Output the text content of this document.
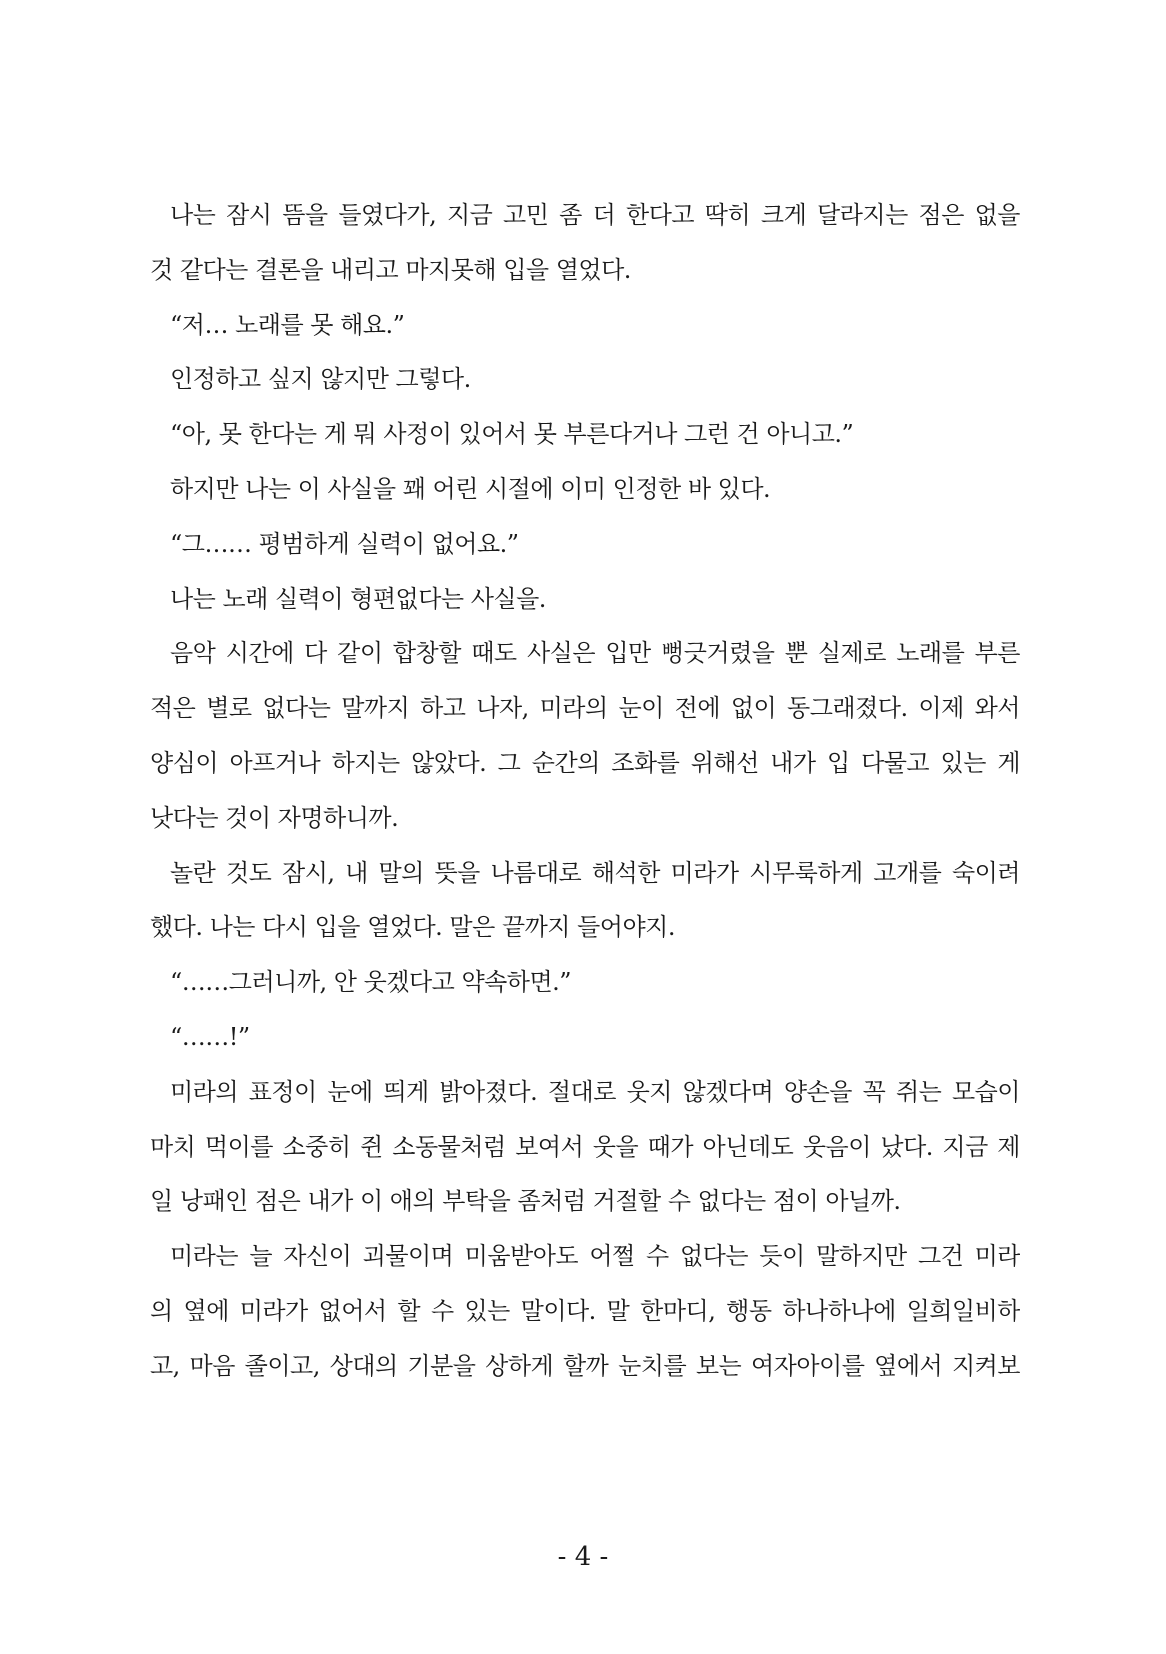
나는 잠시 뜸을 들였다가, 지금 고민 좀 더 한다고 딱히 크게 달라지는 점은 없을
것 같다는 결론을 내리고 마지못해 입을 열었다.
“저… 노래를 못 해요.”
인정하고 싶지 않지만 그렇다.
“아, 못 한다는 게 뭐 사정이 있어서 못 부른다거나 그런 건 아니고.”
하지만 나는 이 사실을 꽤 어린 시절에 이미 인정한 바 있다.
“그…… 평범하게 실력이 없어요.”
나는 노래 실력이 형편없다는 사실을.
음악 시간에 다 같이 합창할 때도 사실은 입만 뻥긋거렸을 뿐 실제로 노래를 부른
적은 별로 없다는 말까지 하고 나자, 미라의 눈이 전에 없이 동그래졌다. 이제 와서
양심이 아프거나 하지는 않았다. 그 순간의 조화를 위해선 내가 입 다물고 있는 게
낫다는 것이 자명하니까.
놀란 것도 잠시, 내 말의 뜻을 나름대로 해석한 미라가 시무룩하게 고개를 숙이려
했다. 나는 다시 입을 열었다. 말은 끝까지 들어야지.
“……그러니까, 안 웃겠다고 약속하면.”
“……!”
미라의 표정이 눈에 띄게 밝아졌다. 절대로 웃지 않겠다며 양손을 꼭 쥐는 모습이
마치 먹이를 소중히 쥔 소동물처럼 보여서 웃을 때가 아닌데도 웃음이 났다. 지금 제
일 낭패인 점은 내가 이 애의 부탁을 좀처럼 거절할 수 없다는 점이 아닐까.
미라는 늘 자신이 괴물이며 미움받아도 어쩔 수 없다는 듯이 말하지만 그건 미라
의 옆에 미라가 없어서 할 수 있는 말이다. 말 한마디, 행동 하나하나에 일희일비하
고, 마음 졸이고, 상대의 기분을 상하게 할까 눈치를 보는 여자아이를 옆에서 지켜보
- 4 -
